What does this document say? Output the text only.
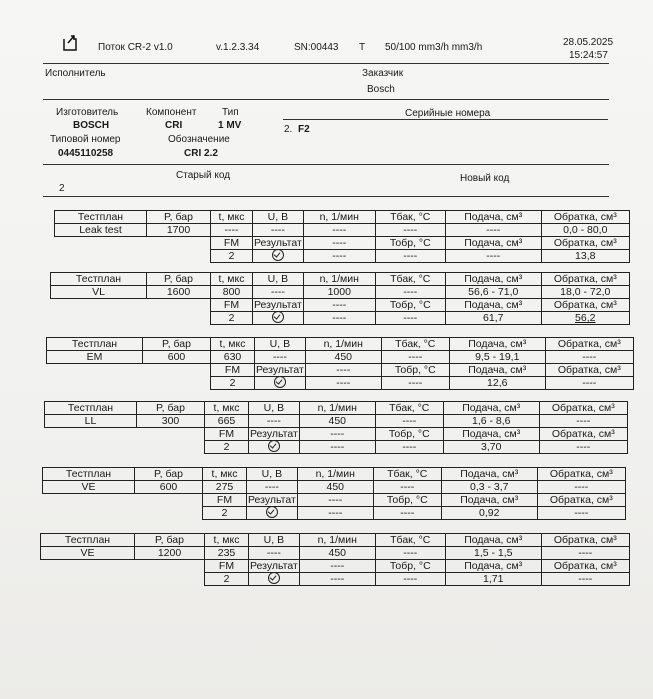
Поток CR-2 v1.0	v.1.2.3.34	SN:00443 T 50/100 mm3/h mm3/h	28.05.2025
15:24:57
Исполнитель	Заказчик
Bosch
Изготовитель
BOSCH
Компонент
CRI
Тип
1 MV
Типовой номер
0445110258
Обозначение
CRI 2.2
Серийные номера
2. F2
Старый код	Новый код
2
Тестплан	P, бар	t, мкс	U, В	n, 1/мин	Тбак, °C	Подача, см³	Обратка, см³
Leak test	1700	----	----	----	----	----	0,0 - 80,0
		FM	Результат	----	Тобр, °C	Подача, см³	Обратка, см³
		2		----	----	----	13,8
Тестплан	P, бар	t, мкс	U, В	n, 1/мин	Тбак, °C	Подача, см³	Обратка, см³
VL	1600	800	----	1000	----	56,6 - 71,0	18,0 - 72,0
		FM	Результат	----	Тобр, °C	Подача, см³	Обратка, см³
		2		----	----	61,7	56,2
Тестплан	P, бар	t, мкс	U, В	n, 1/мин	Тбак, °C	Подача, см³	Обратка, см³
EM	600	630	----	450	----	9,5 - 19,1	----
		FM	Результат	----	Тобр, °C	Подача, см³	Обратка, см³
		2		----	----	12,6	----
Тестплан	P, бар	t, мкс	U, В	n, 1/мин	Тбак, °C	Подача, см³	Обратка, см³
LL	300	665	----	450	----	1,6 - 8,6	----
		FM	Результат	----	Тобр, °C	Подача, см³	Обратка, см³
		2		----	----	3,70	----
Тестплан	P, бар	t, мкс	U, В	n, 1/мин	Тбак, °C	Подача, см³	Обратка, см³
VE	600	275	----	450	----	0,3 - 3,7	----
		FM	Результат	----	Тобр, °C	Подача, см³	Обратка, см³
		2		----	----	0,92	----
Тестплан	P, бар	t, мкс	U, В	n, 1/мин	Тбак, °C	Подача, см³	Обратка, см³
VE	1200	235	----	450	----	1,5 - 1,5	----
		FM	Результат	----	Тобр, °C	Подача, см³	Обратка, см³
		2		----	----	1,71	----
